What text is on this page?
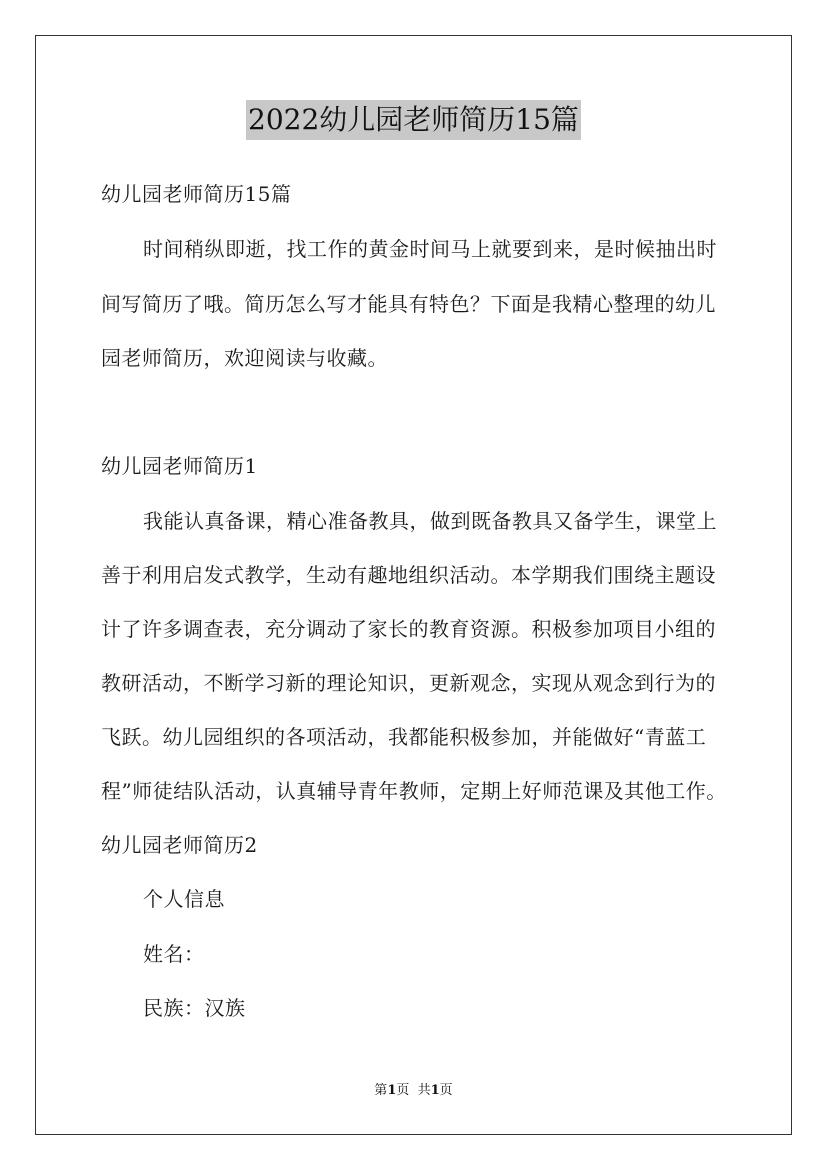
2022幼儿园老师简历15篇
幼儿园老师简历15篇
时间稍纵即逝，找工作的黄金时间马上就要到来，是时候抽出时
间写简历了哦。简历怎么写才能具有特色？下面是我精心整理的幼儿
园老师简历，欢迎阅读与收藏。
幼儿园老师简历1
我能认真备课，精心准备教具，做到既备教具又备学生，课堂上
善于利用启发式教学，生动有趣地组织活动。本学期我们围绕主题设
计了许多调查表，充分调动了家长的教育资源。积极参加项目小组的
教研活动，不断学习新的理论知识，更新观念，实现从观念到行为的
飞跃。幼儿园组织的各项活动，我都能积极参加，并能做好“青蓝工
程”师徒结队活动，认真辅导青年教师，定期上好师范课及其他工作。
幼儿园老师简历2
个人信息
姓名：
民族：汉族
第1页  共1页
